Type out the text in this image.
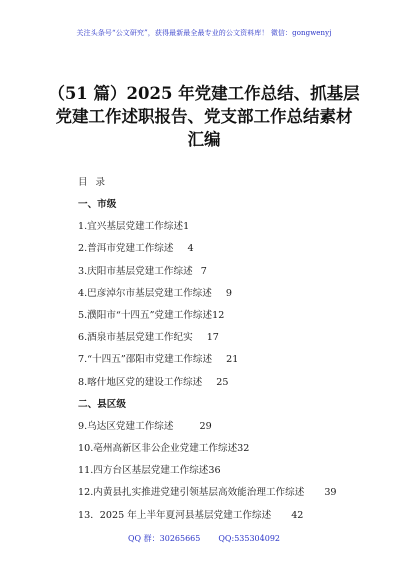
关注头条号“公文研究”，获得最新最全最专业的公文资料库！ 微信：gongwenyj
（51 篇）2025 年党建工作总结、抓基层
党建工作述职报告、党支部工作总结素材
汇编
目录
一、市级
1.宜兴基层党建工作综述1
2.普洱市党建工作综述 4
3.庆阳市基层党建工作综述 7
4.巴彦淖尔市基层党建工作综述 9
5.濮阳市“十四五”党建工作综述12
6.酒泉市基层党建工作纪实 17
7.“十四五”邵阳市党建工作综述 21
8.喀什地区党的建设工作综述 25
二、县区级
9.乌达区党建工作综述	29
10.亳州高新区非公企业党建工作综述32
11.四方台区基层党建工作综述36
12.内黄县扎实推进党建引领基层高效能治理工作综述 39
13．2025 年上半年夏河县基层党建工作综述 42
QQ 群：30265665 QQ:535304092
